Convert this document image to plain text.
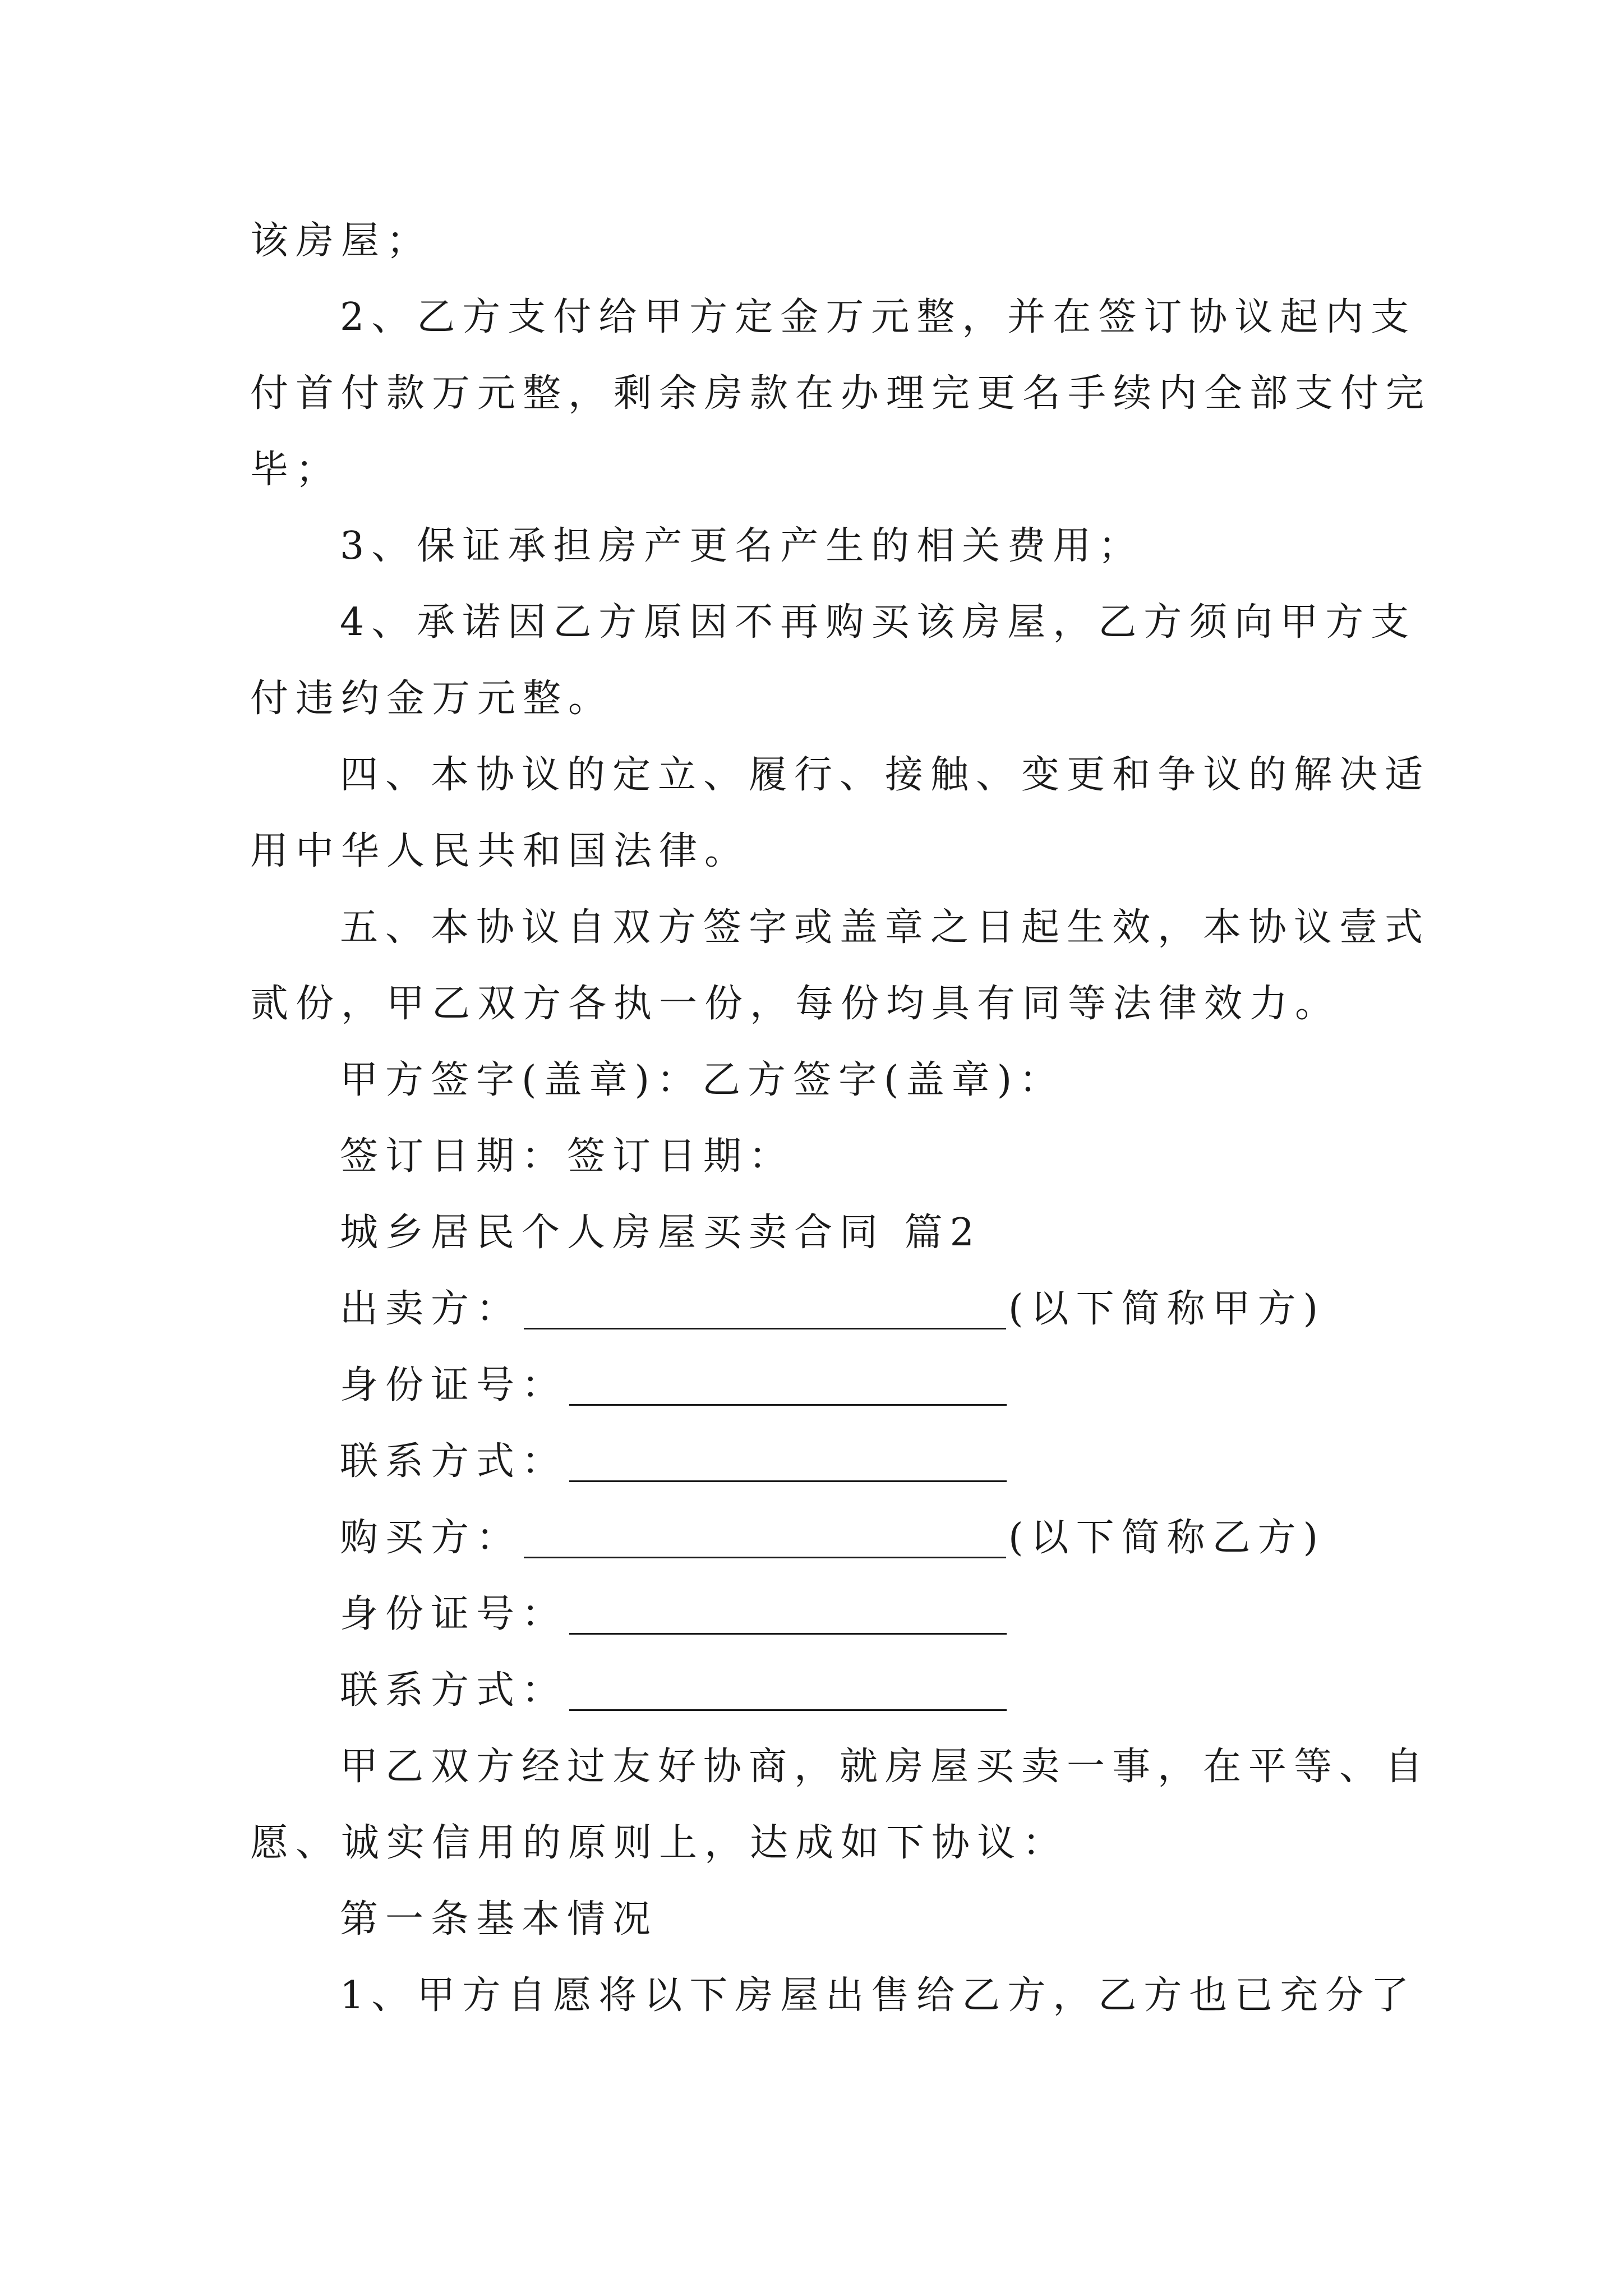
该房屋；
2、乙方支付给甲方定金万元整，并在签订协议起内支
付首付款万元整，剩余房款在办理完更名手续内全部支付完
毕；
3、保证承担房产更名产生的相关费用；
4、承诺因乙方原因不再购买该房屋，乙方须向甲方支
付违约金万元整。
四、本协议的定立、履行、接触、变更和争议的解决适
用中华人民共和国法律。
五、本协议自双方签字或盖章之日起生效，本协议壹式
贰份，甲乙双方各执一份，每份均具有同等法律效力。
甲方签字(盖章)：乙方签字(盖章)：
签订日期：签订日期：
城乡居民个人房屋买卖合同 篇2
出卖方：	(以下简称甲方)
身份证号：
联系方式：
购买方：	(以下简称乙方)
身份证号：
联系方式：
甲乙双方经过友好协商，就房屋买卖一事，在平等、自
愿、诚实信用的原则上，达成如下协议：
第一条基本情况
1、甲方自愿将以下房屋出售给乙方，乙方也已充分了
